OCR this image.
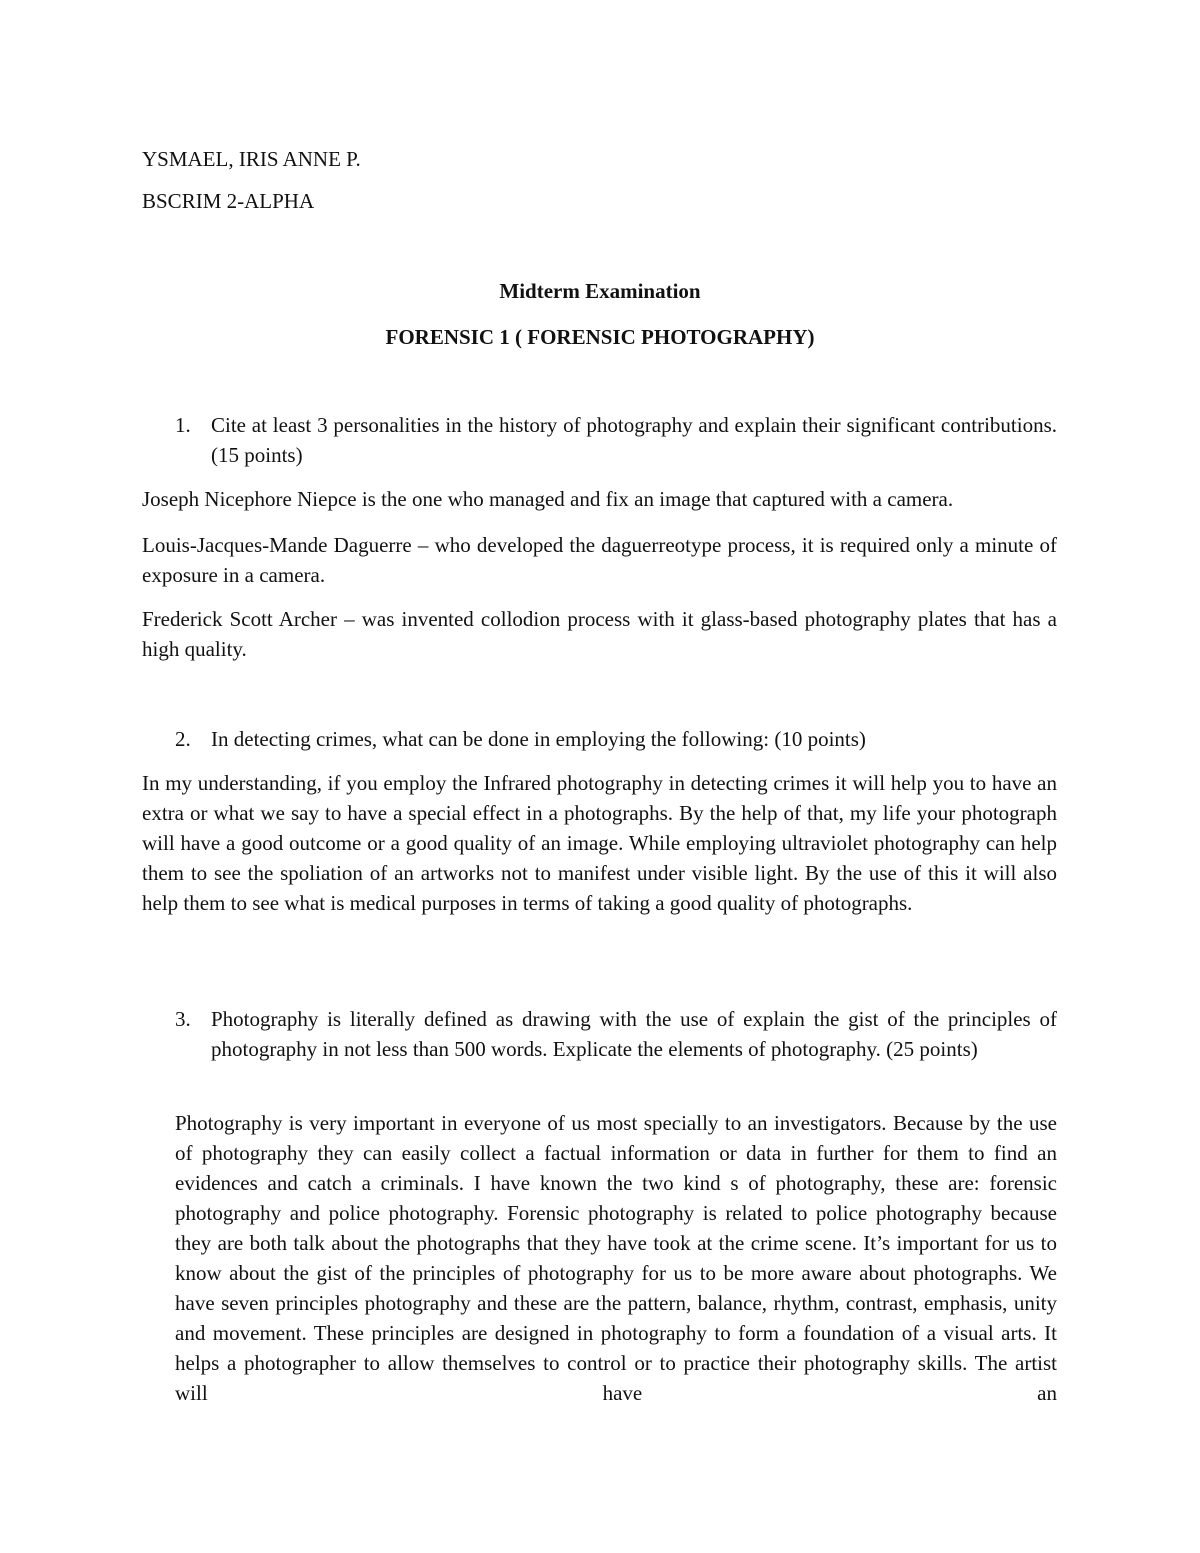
YSMAEL, IRIS ANNE P.
BSCRIM 2-ALPHA
Midterm Examination
FORENSIC 1 ( FORENSIC PHOTOGRAPHY)
1. Cite at least 3 personalities in the history of photography and explain their significant contributions. (15 points)
Joseph Nicephore Niepce is the one who managed and fix an image that captured with a camera.
Louis-Jacques-Mande Daguerre – who developed the daguerreotype process, it is required only a minute of exposure in a camera.
Frederick Scott Archer – was invented collodion process with it glass-based photography plates that has a high quality.
2. In detecting crimes, what can be done in employing the following: (10 points)
In my understanding, if you employ the Infrared photography in detecting crimes it will help you to have an extra or what we say to have a special effect in a photographs. By the help of that, my life your photograph will have a good outcome or a good quality of an image. While employing ultraviolet photography can help them to see the spoliation of an artworks not to manifest under visible light. By the use of this it will also help them to see what is medical purposes in terms of taking a good quality of photographs.
3. Photography is literally defined as drawing with the use of explain the gist of the principles of photography in not less than 500 words. Explicate the elements of photography. (25 points)
Photography is very important in everyone of us most specially to an investigators. Because by the use of photography they can easily collect a factual information or data in further for them to find an evidences and catch a criminals. I have known the two kind s of photography, these are: forensic photography and police photography. Forensic photography is related to police photography because they are both talk about the photographs that they have took at the crime scene. It’s important for us to know about the gist of the principles of photography for us to be more aware about photographs. We have seven principles photography and these are the pattern, balance, rhythm, contrast, emphasis, unity and movement. These principles are designed in photography to form a foundation of a visual arts. It helps a photographer to allow themselves to control or to practice their photography skills. The artist will have an
